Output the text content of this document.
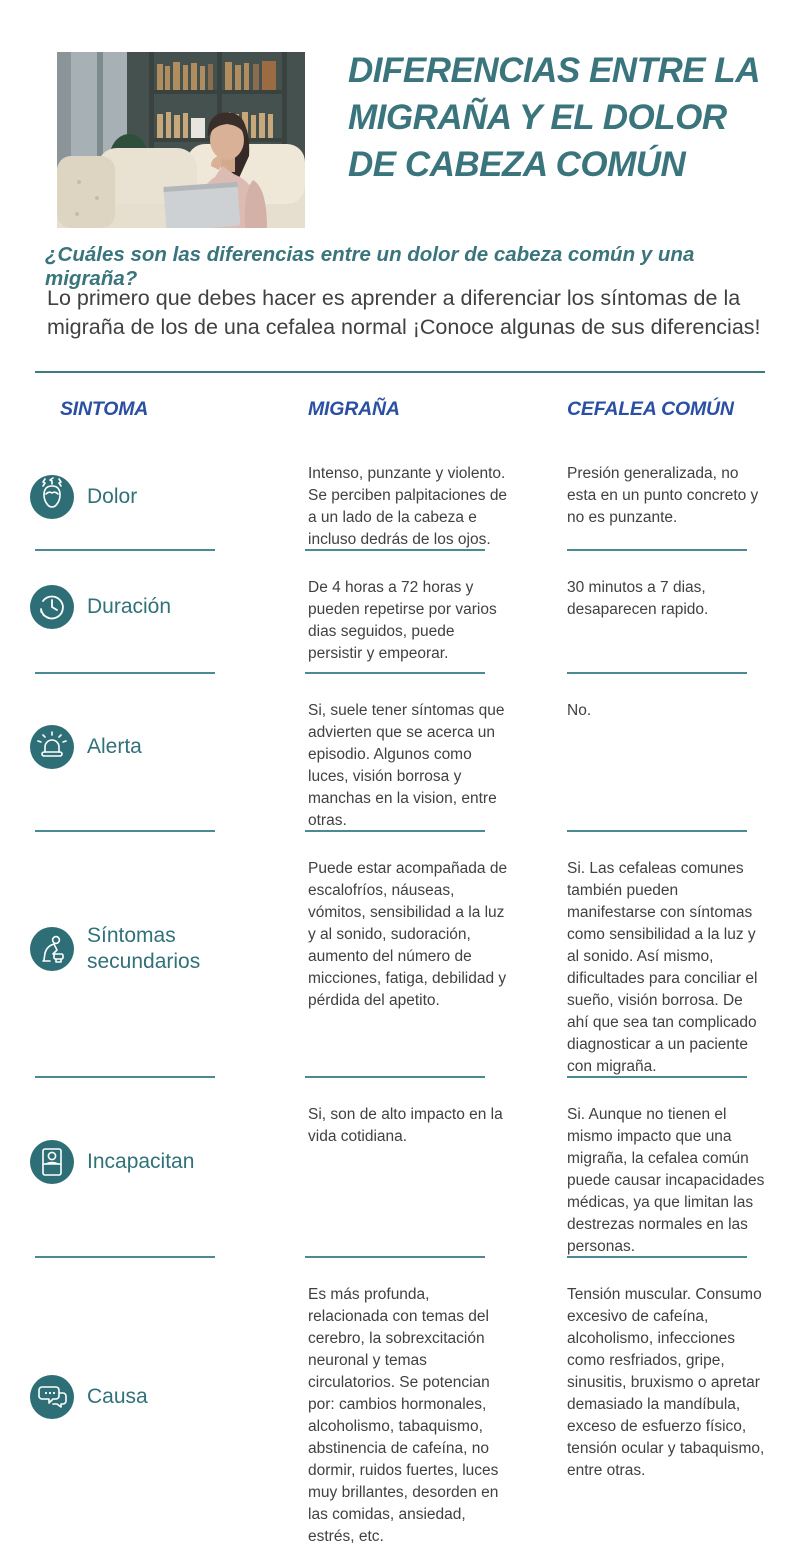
DIFERENCIAS ENTRE LA
MIGRAÑA Y EL DOLOR
DE CABEZA COMÚN
¿Cuáles son las diferencias entre un dolor de cabeza común y una migraña?
Lo primero que debes hacer es aprender a diferenciar los síntomas de la migraña de los de una cefalea normal ¡Conoce algunas de sus diferencias!
SINTOMA	MIGRAÑA	CEFALEA COMÚN
Dolor

Intenso, punzante y violento. Se perciben palpitaciones de a un lado de la cabeza e incluso dedrás de los ojos.

Presión generalizada, no esta en un punto concreto y no es punzante.

Duración

De 4 horas a 72 horas y pueden repetirse por varios dias seguidos, puede persistir y empeorar.

30 minutos a 7 dias, desaparecen rapido.

Alerta

Si, suele tener síntomas que advierten que se acerca un episodio. Algunos como luces, visión borrosa y manchas en la vision, entre otras.

No.

Síntomas secundarios

Puede estar acompañada de escalofríos, náuseas, vómitos, sensibilidad a la luz y al sonido, sudoración, aumento del número de micciones, fatiga, debilidad y pérdida del apetito.

Si. Las cefaleas comunes también pueden manifestarse con síntomas como sensibilidad a la luz y al sonido. Así mismo, dificultades para conciliar el sueño, visión borrosa. De ahí que sea tan complicado diagnosticar a un paciente con migraña.

Incapacitan

Si, son de alto impacto en la vida cotidiana.

Si. Aunque no tienen el mismo impacto que una migraña, la cefalea común puede causar incapacidades médicas, ya que limitan las destrezas normales en las personas.

Causa

Es más profunda, relacionada con temas del cerebro, la sobrexcitación neuronal y temas circulatorios. Se potencian por: cambios hormonales, alcoholismo, tabaquismo, abstinencia de cafeína, no dormir, ruidos fuertes, luces muy brillantes, desorden en las comidas, ansiedad, estrés, etc.

Tensión muscular. Consumo excesivo de cafeína, alcoholismo, infecciones como resfriados, gripe, sinusitis, bruxismo o apretar demasiado la mandíbula, exceso de esfuerzo físico, tensión ocular y tabaquismo, entre otras.
